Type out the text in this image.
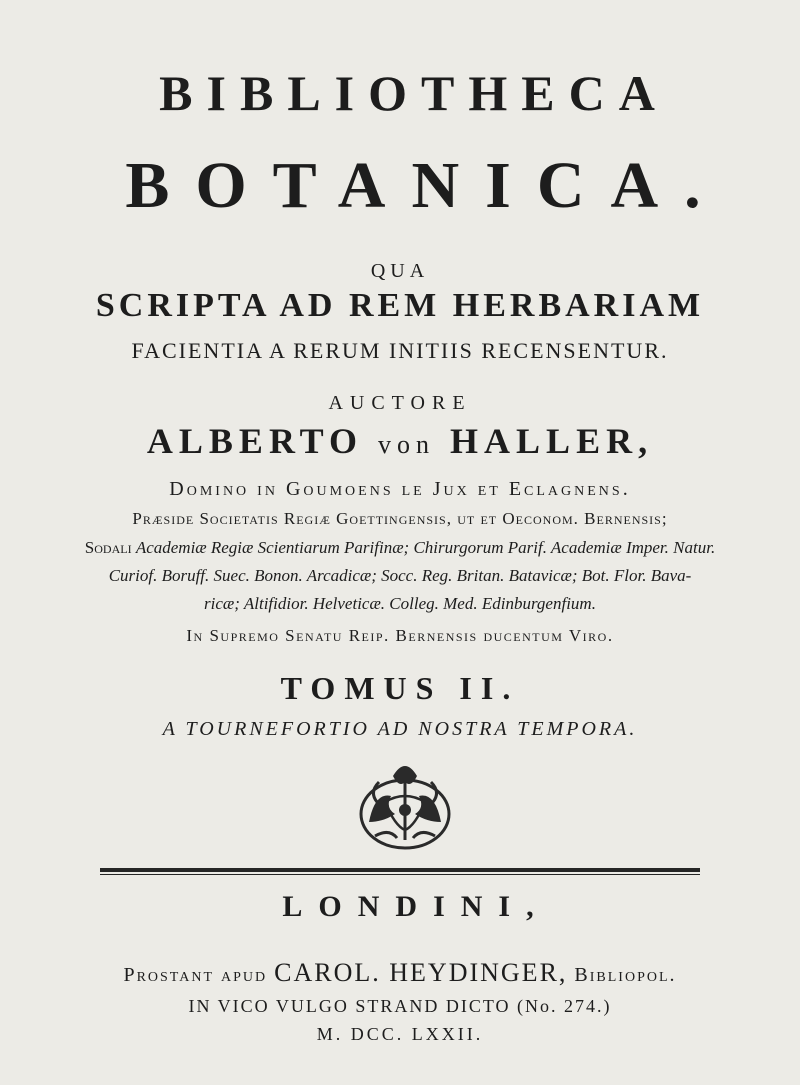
BIBLIOTHECA
BOTANICA.
QUA
SCRIPTA AD REM HERBARIAM
FACIENTIA A RERUM INITIIS RECENSENTUR.
AUCTORE
ALBERTO von HALLER,
Domino in Goumoens le Jux et Eclagnens.
Præside Societatis Regiæ Goettingensis, ut et Oeconom. Bernensis;
Sodali Academiæ Regiæ Scientiarum Parifinæ; Chirurgorum Parif. Academiæ Imper. Natur.
Curiof. Boruff. Suec. Bonon. Arcadicæ; Socc. Reg. Britan. Batavicæ; Bot. Flor. Bava-
ricæ; Altifidior. Helveticæ. Colleg. Med. Edinburgenfium.
In Supremo Senatu Reip. Bernensis ducentum Viro.
TOMUS II.
A TOURNEFORTIO AD NOSTRA TEMPORA.
LONDINI,
Prostant apud CAROL. HEYDINGER, Bibliopol.
IN VICO VULGO STRAND DICTO (No. 274.)
M. DCC. LXXII.
